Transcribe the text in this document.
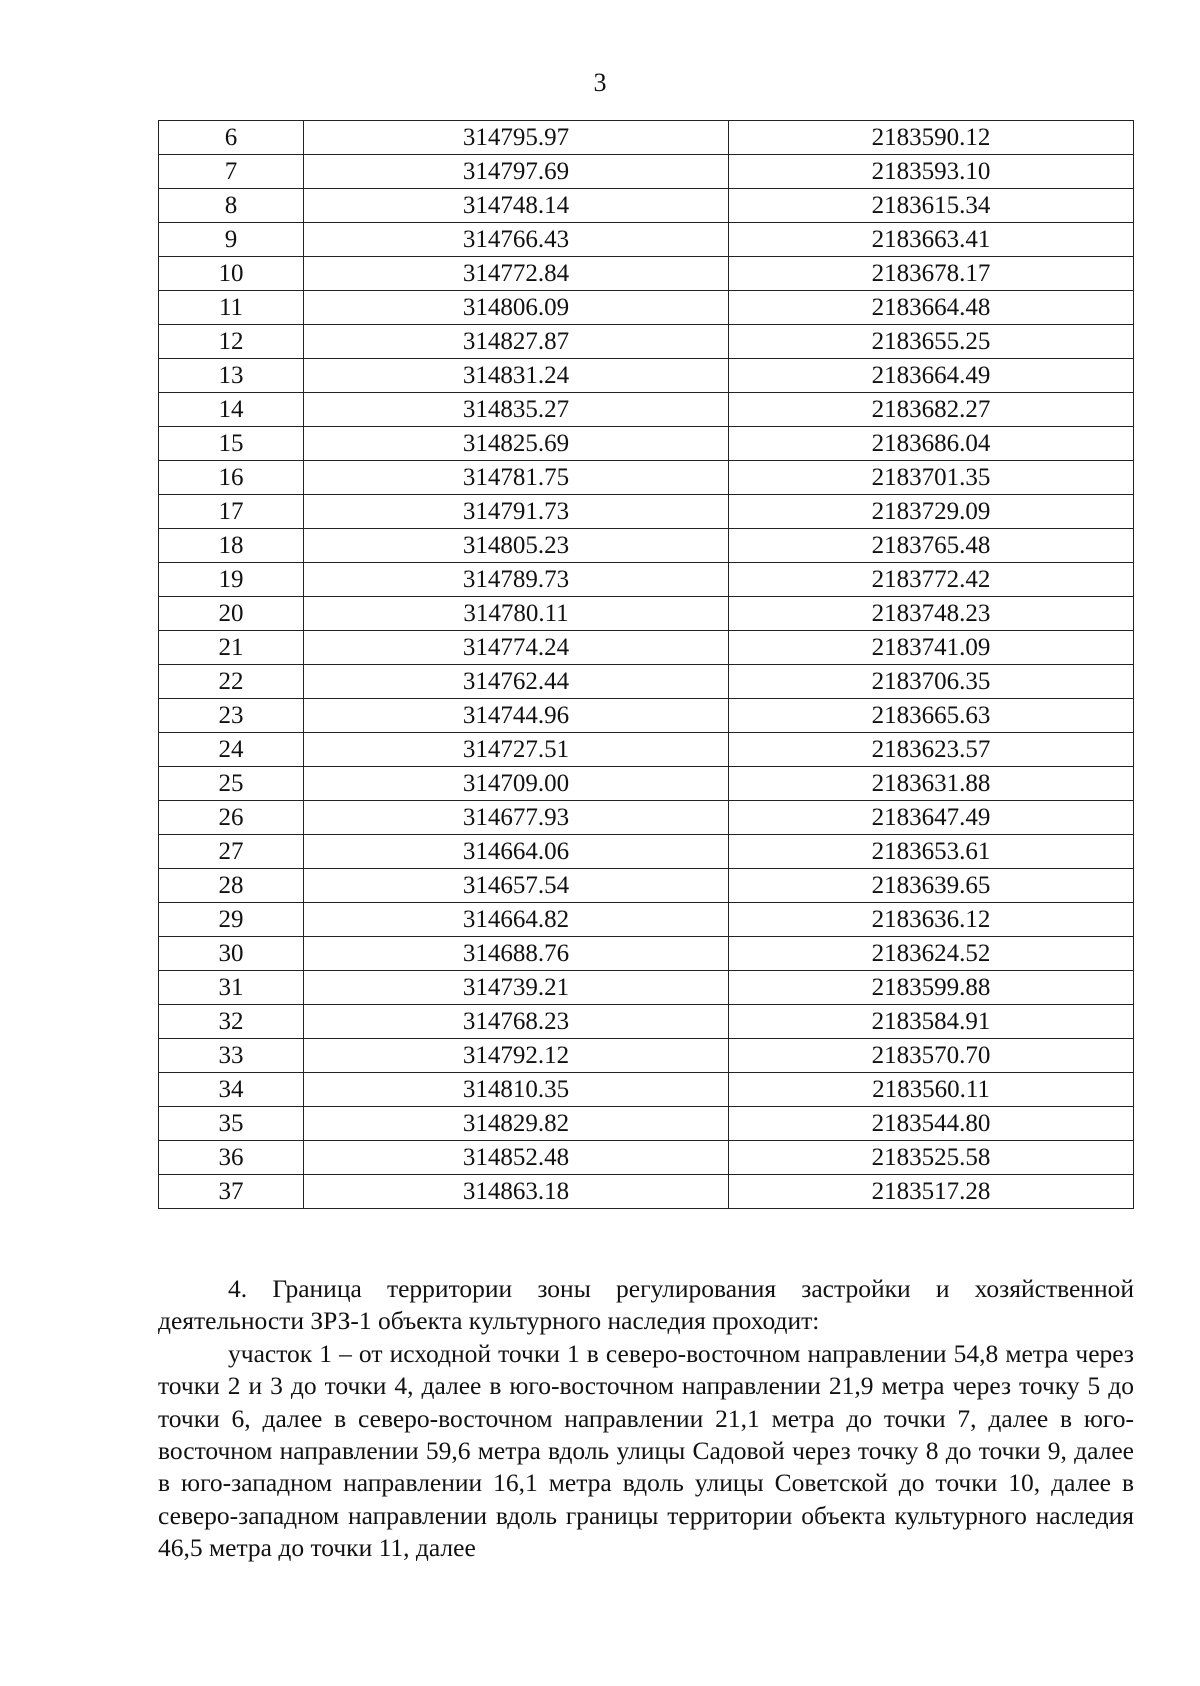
3
6	314795.97	2183590.12
7	314797.69	2183593.10
8	314748.14	2183615.34
9	314766.43	2183663.41
10	314772.84	2183678.17
11	314806.09	2183664.48
12	314827.87	2183655.25
13	314831.24	2183664.49
14	314835.27	2183682.27
15	314825.69	2183686.04
16	314781.75	2183701.35
17	314791.73	2183729.09
18	314805.23	2183765.48
19	314789.73	2183772.42
20	314780.11	2183748.23
21	314774.24	2183741.09
22	314762.44	2183706.35
23	314744.96	2183665.63
24	314727.51	2183623.57
25	314709.00	2183631.88
26	314677.93	2183647.49
27	314664.06	2183653.61
28	314657.54	2183639.65
29	314664.82	2183636.12
30	314688.76	2183624.52
31	314739.21	2183599.88
32	314768.23	2183584.91
33	314792.12	2183570.70
34	314810.35	2183560.11
35	314829.82	2183544.80
36	314852.48	2183525.58
37	314863.18	2183517.28

4. Граница территории зоны регулирования застройки и хозяйственной деятельности ЗРЗ-1 объекта культурного наследия проходит:

участок 1 – от исходной точки 1 в северо-восточном направлении 54,8 метра через точки 2 и 3 до точки 4, далее в юго-восточном направлении 21,9 метра через точку 5 до точки 6, далее в северо-восточном направлении 21,1 метра до точки 7, далее в юго-восточном направлении 59,6 метра вдоль улицы Садовой через точку 8 до точки 9, далее в юго-западном направлении 16,1 метра вдоль улицы Советской до точки 10, далее в северо-западном направлении вдоль границы территории объекта культурного наследия 46,5 метра до точки 11, далее
